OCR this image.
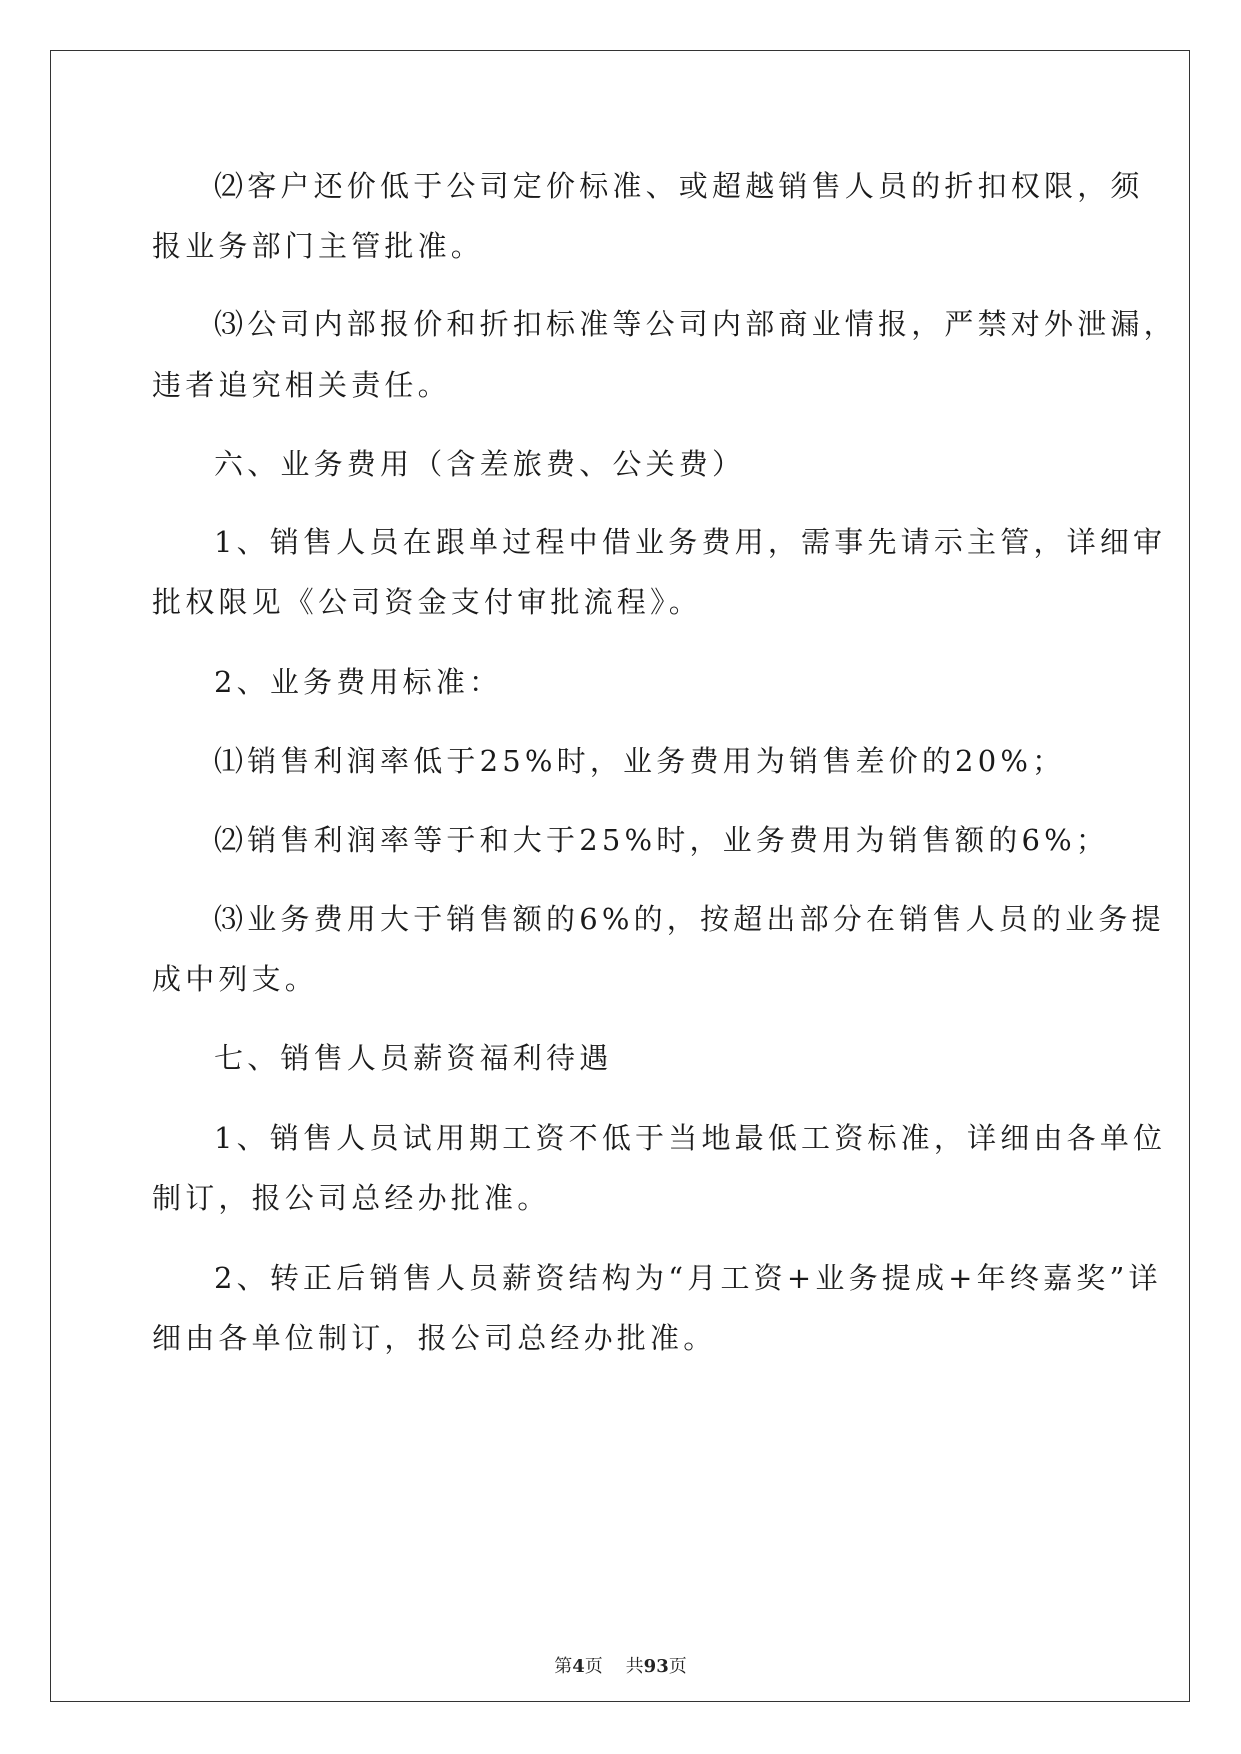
⑵客户还价低于公司定价标准、或超越销售人员的折扣权限，须
报业务部门主管批准。
⑶公司内部报价和折扣标准等公司内部商业情报，严禁对外泄漏，
违者追究相关责任。
六、业务费用（含差旅费、公关费）
1、销售人员在跟单过程中借业务费用，需事先请示主管，详细审
批权限见《公司资金支付审批流程》。
2、业务费用标准：
⑴销售利润率低于25%时，业务费用为销售差价的20%；
⑵销售利润率等于和大于25%时，业务费用为销售额的6%；
⑶业务费用大于销售额的6%的，按超出部分在销售人员的业务提
成中列支。
七、销售人员薪资福利待遇
1、销售人员试用期工资不低于当地最低工资标准，详细由各单位
制订，报公司总经办批准。
2、转正后销售人员薪资结构为“月工资+业务提成+年终嘉奖”详
细由各单位制订，报公司总经办批准。
第4页 共93页
